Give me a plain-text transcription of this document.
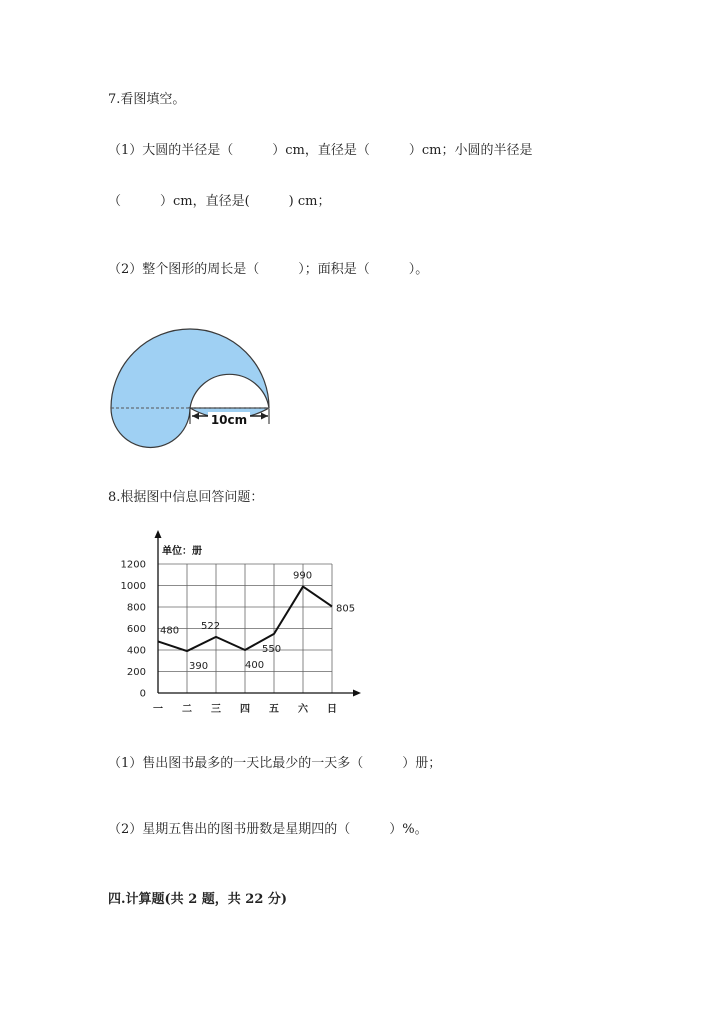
7.看图填空。
（1）大圆的半径是（　　　）cm，直径是（　　　）cm；小圆的半径是
（　　　）cm，直径是(　　　) cm；
（2）整个图形的周长是（　　　）；面积是（　　　）。
10cm
8.根据图中信息回答问题：
0
200
400
600
800
1000
1200
一 二 三 四 五 六 日
480
390
522
400
550
990
805
单位：册
（1）售出图书最多的一天比最少的一天多（　　　）册；
（2）星期五售出的图书册数是星期四的（　　　）%。
四.计算题(共 2 题，共 22 分)
